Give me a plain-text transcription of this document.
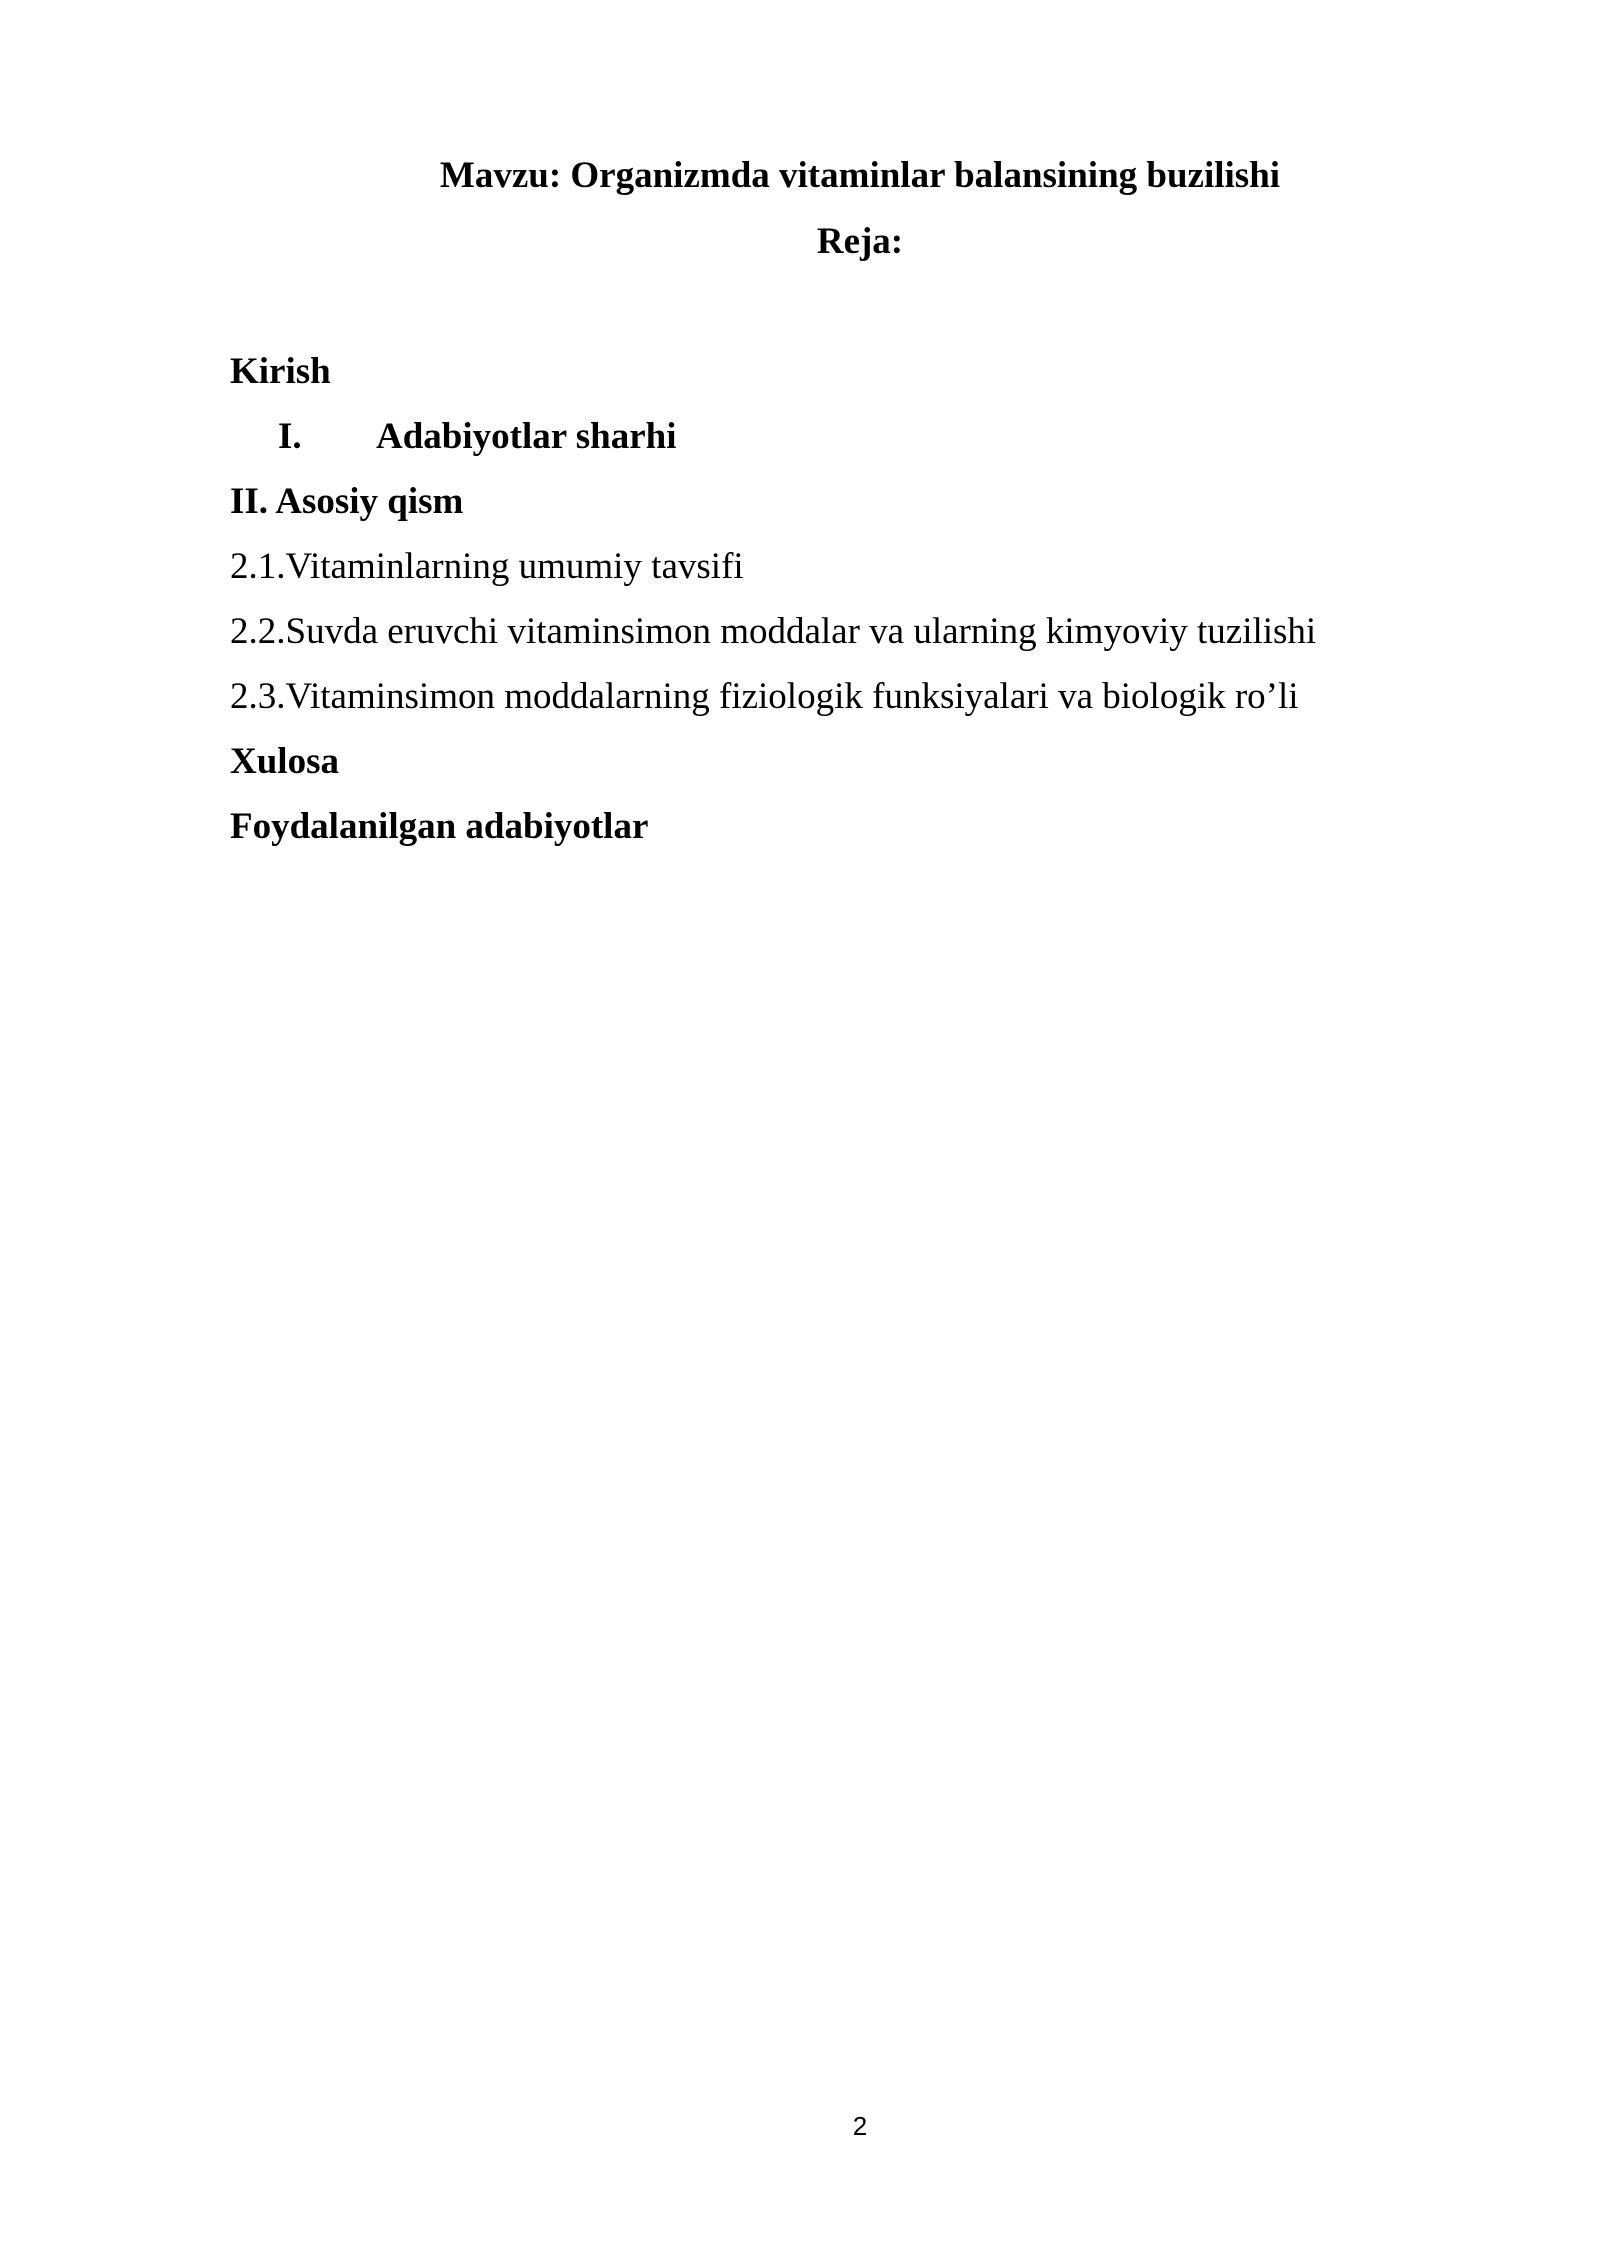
Mavzu: Organizmda vitaminlar balansining buzilishi
Reja:
Kirish
I. Adabiyotlar sharhi
II. Asosiy qism
2.1.Vitaminlarning umumiy tavsifi
2.2.Suvda eruvchi vitaminsimon moddalar va ularning kimyoviy tuzilishi
2.3.Vitaminsimon moddalarning fiziologik funksiyalari va biologik ro’li
Xulosa
Foydalanilgan adabiyotlar
2
